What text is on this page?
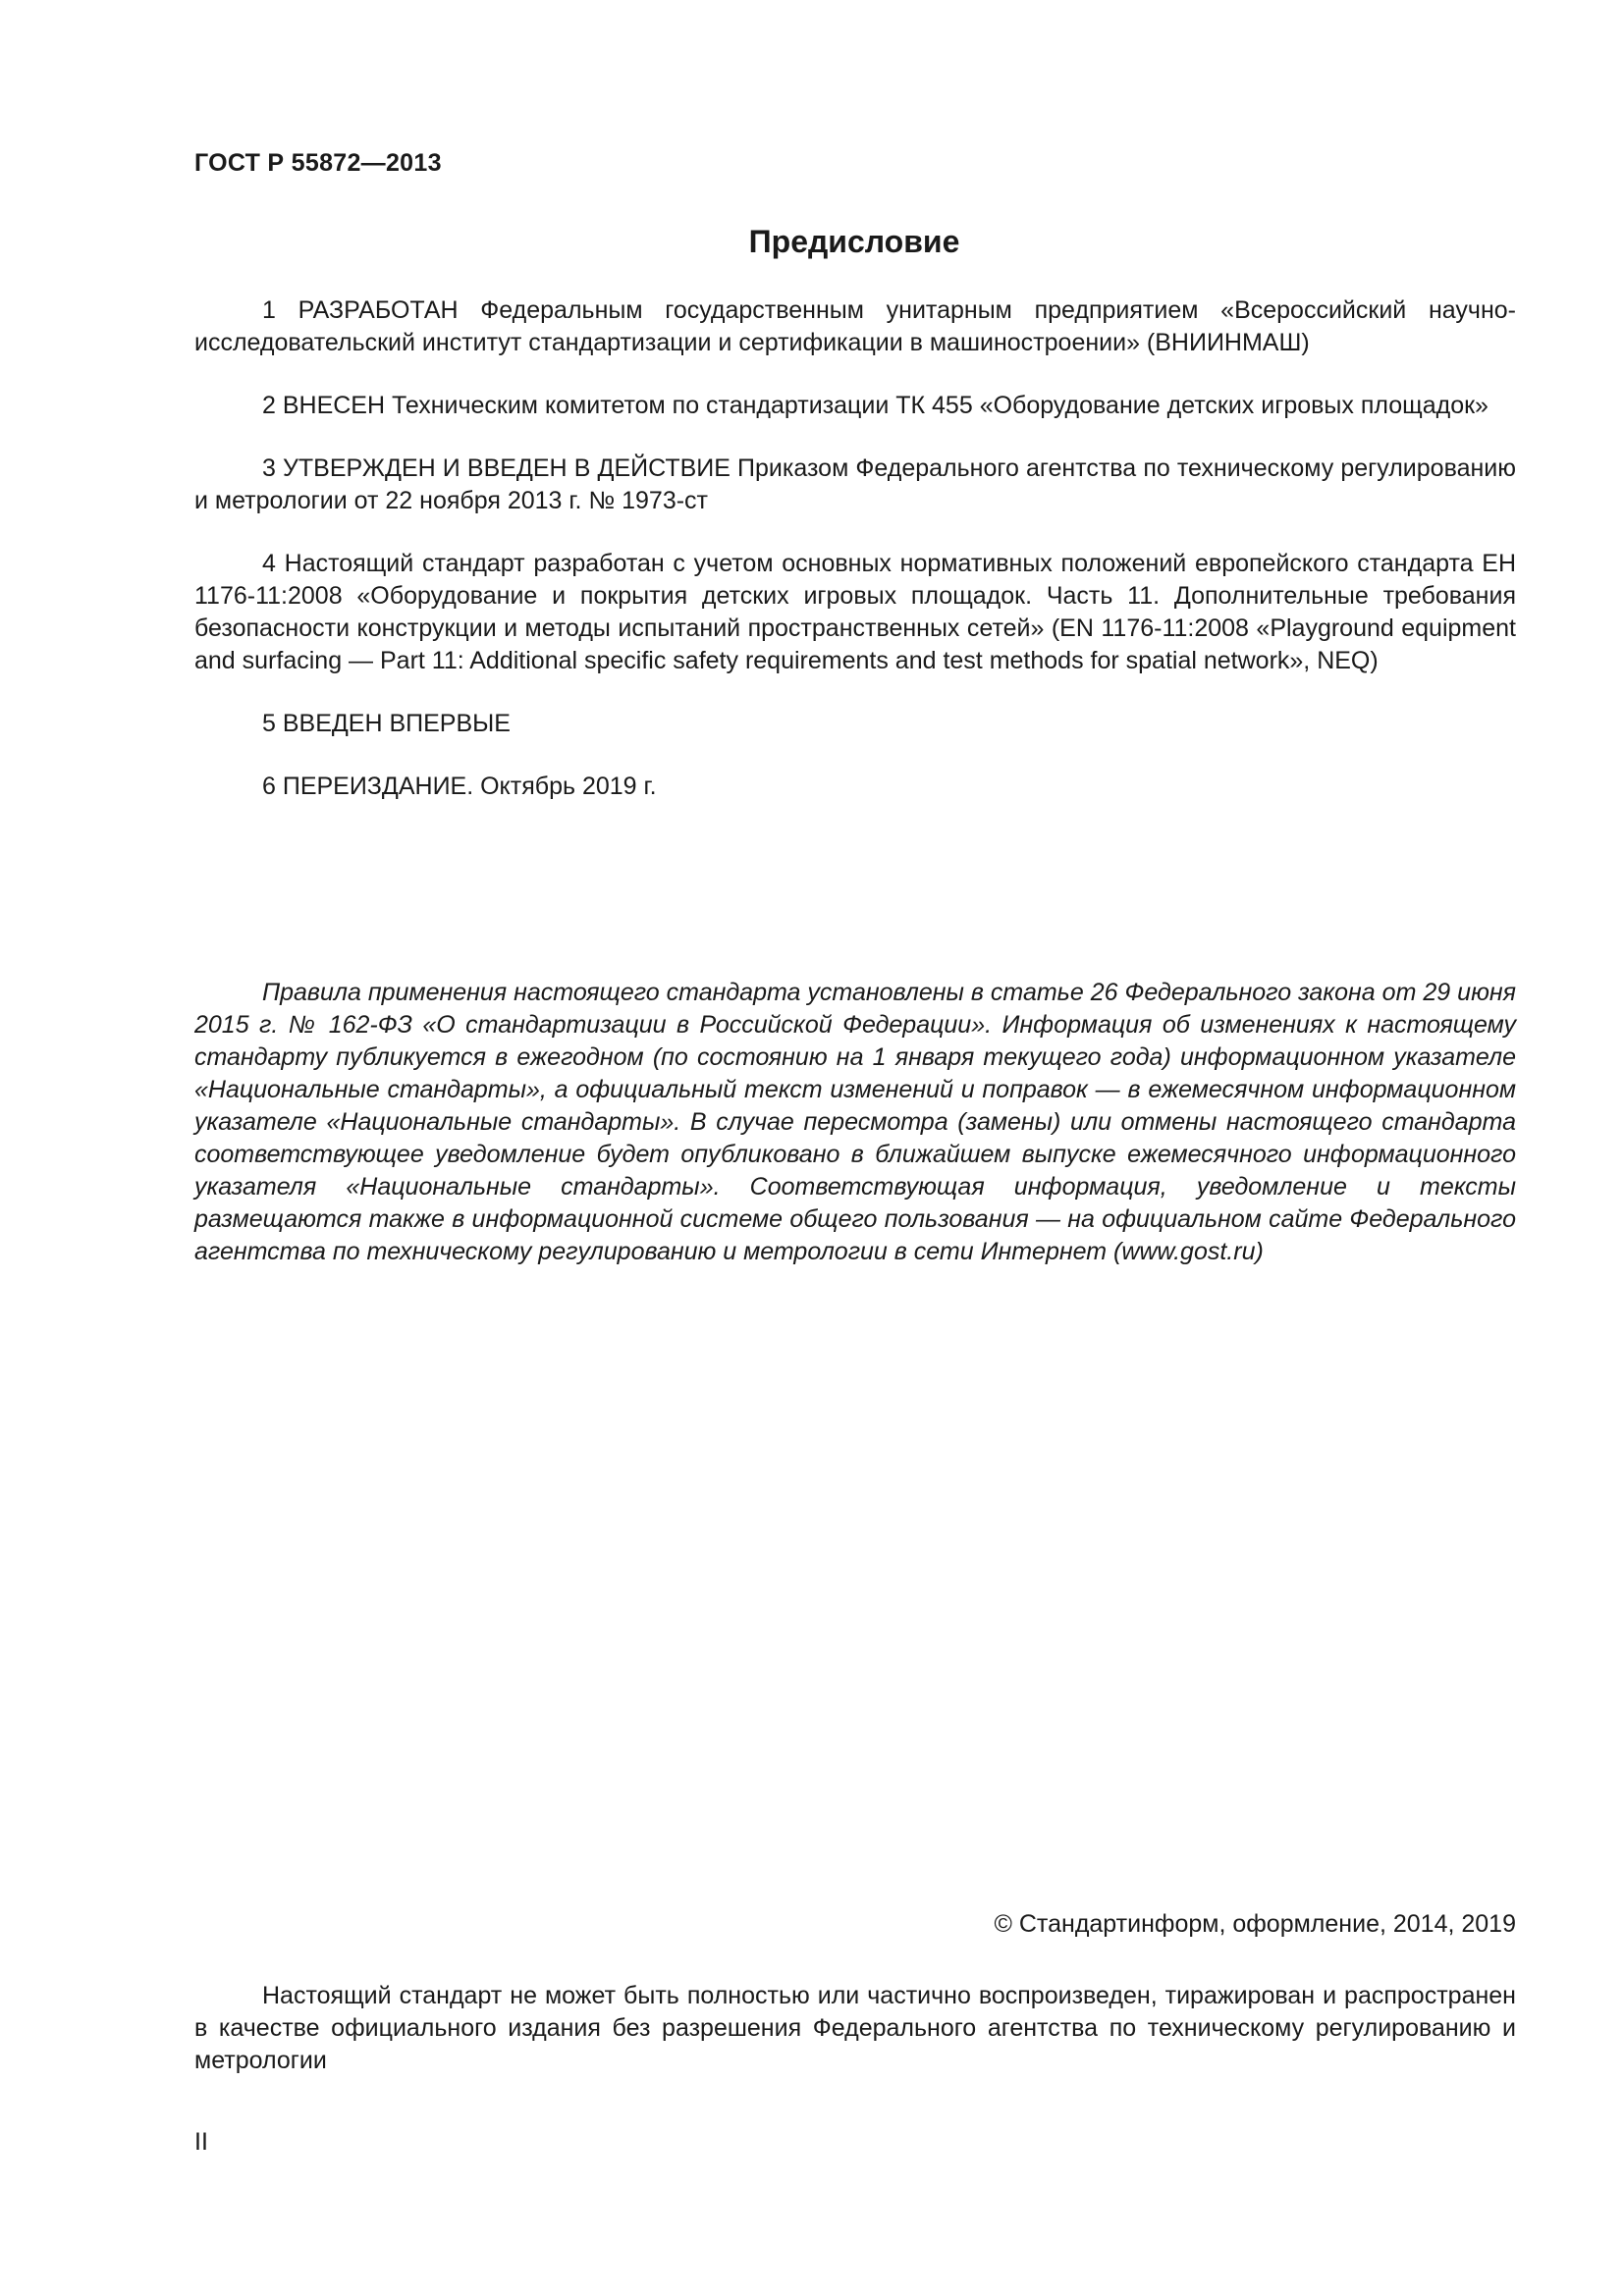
ГОСТ Р 55872—2013
Предисловие

1 РАЗРАБОТАН Федеральным государственным унитарным предприятием «Всероссийский научно-исследовательский институт стандартизации и сертификации в машиностроении» (ВНИИНМАШ)

2 ВНЕСЕН Техническим комитетом по стандартизации ТК 455 «Оборудование детских игровых площадок»

3 УТВЕРЖДЕН И ВВЕДЕН В ДЕЙСТВИЕ Приказом Федерального агентства по техническому регулированию и метрологии от 22 ноября 2013 г. № 1973-ст

4 Настоящий стандарт разработан с учетом основных нормативных положений европейского стандарта ЕН 1176-11:2008 «Оборудование и покрытия детских игровых площадок. Часть 11. Дополнительные требования безопасности конструкции и методы испытаний пространственных сетей» (EN 1176-11:2008 «Playground equipment and surfacing — Part 11: Additional specific safety requirements and test methods for spatial network», NEQ)

5 ВВЕДЕН ВПЕРВЫЕ

6 ПЕРЕИЗДАНИЕ. Октябрь 2019 г.

Правила применения настоящего стандарта установлены в статье 26 Федерального закона от 29 июня 2015 г. № 162-ФЗ «О стандартизации в Российской Федерации». Информация об изменениях к настоящему стандарту публикуется в ежегодном (по состоянию на 1 января текущего года) информационном указателе «Национальные стандарты», а официальный текст изменений и поправок — в ежемесячном информационном указателе «Национальные стандарты». В случае пересмотра (замены) или отмены настоящего стандарта соответствующее уведомление будет опубликовано в ближайшем выпуске ежемесячного информационного указателя «Национальные стандарты». Соответствующая информация, уведомление и тексты размещаются также в информационной системе общего пользования — на официальном сайте Федерального агентства по техническому регулированию и метрологии в сети Интернет (www.gost.ru)

© Стандартинформ, оформление, 2014, 2019

Настоящий стандарт не может быть полностью или частично воспроизведен, тиражирован и распространен в качестве официального издания без разрешения Федерального агентства по техническому регулированию и метрологии

II
